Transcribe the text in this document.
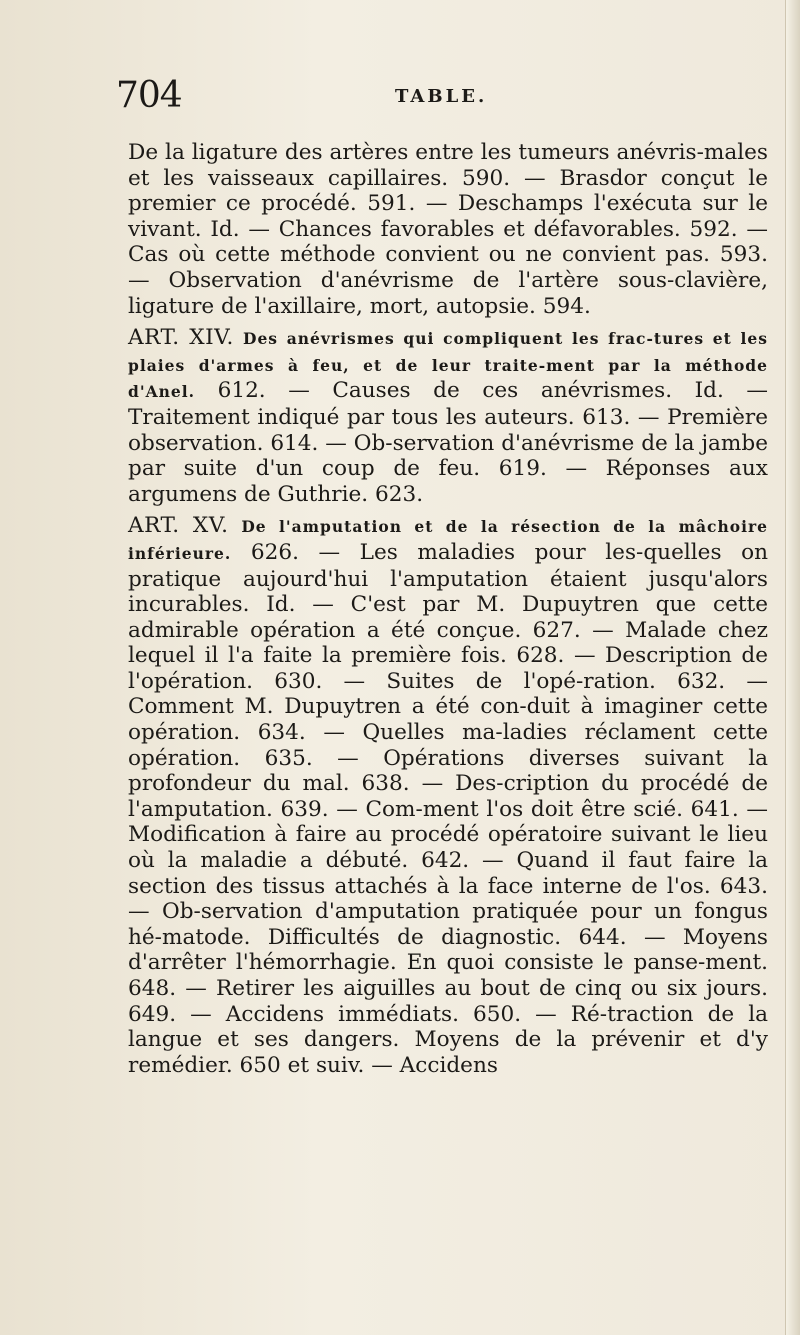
704	TABLE.

De la ligature des artères entre les tumeurs anévris-males et les vaisseaux capillaires. 590. — Brasdor conçut le premier ce procédé. 591. — Deschamps l'exécuta sur le vivant. Id. — Chances favorables et défavorables. 592. — Cas où cette méthode convient ou ne convient pas. 593. — Observation d'anévrisme de l'artère sous-clavière, ligature de l'axillaire, mort, autopsie. 594.

ART. XIV. Des anévrismes qui compliquent les frac-tures et les plaies d'armes à feu, et de leur traite-ment par la méthode d'Anel. 612. — Causes de ces anévrismes. Id. — Traitement indiqué par tous les auteurs. 613. — Première observation. 614. — Ob-servation d'anévrisme de la jambe par suite d'un coup de feu. 619. — Réponses aux argumens de Guthrie. 623.

ART. XV. De l'amputation et de la résection de la mâchoire inférieure. 626. — Les maladies pour les-quelles on pratique aujourd'hui l'amputation étaient jusqu'alors incurables. Id. — C'est par M. Dupuytren que cette admirable opération a été conçue. 627. — Malade chez lequel il l'a faite la première fois. 628. — Description de l'opération. 630. — Suites de l'opé-ration. 632. — Comment M. Dupuytren a été con-duit à imaginer cette opération. 634. — Quelles ma-ladies réclament cette opération. 635. — Opérations diverses suivant la profondeur du mal. 638. — Des-cription du procédé de l'amputation. 639. — Com-ment l'os doit être scié. 641. — Modification à faire au procédé opératoire suivant le lieu où la maladie a débuté. 642. — Quand il faut faire la section des tissus attachés à la face interne de l'os. 643. — Ob-servation d'amputation pratiquée pour un fongus hé-matode. Difficultés de diagnostic. 644. — Moyens d'arrêter l'hémorrhagie. En quoi consiste le panse-ment. 648. — Retirer les aiguilles au bout de cinq ou six jours. 649. — Accidens immédiats. 650. — Ré-traction de la langue et ses dangers. Moyens de la prévenir et d'y remédier. 650 et suiv. — Accidens
